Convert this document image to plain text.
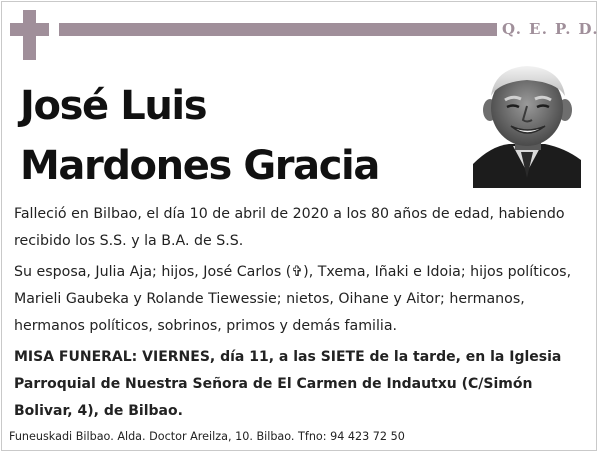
Q. E. P. D.
José Luis
Mardones Gracia
Falleció en Bilbao, el día 10 de abril de 2020 a los 80 años de edad, habiendo recibido los S.S. y la B.A. de S.S.
Su esposa, Julia Aja; hijos, José Carlos (✞), Txema, Iñaki e Idoia; hijos políticos, Marieli Gaubeka y Rolande Tiewessie; nietos, Oihane y Aitor; hermanos, hermanos políticos, sobrinos, primos y demás familia.
MISA FUNERAL: VIERNES, día 11, a las SIETE de la tarde, en la Iglesia Parroquial de Nuestra Señora de El Carmen de Indautxu (C/Simón Bolivar, 4), de Bilbao.
Funeuskadi Bilbao. Alda. Doctor Areilza, 10. Bilbao. Tfno: 94 423 72 50
